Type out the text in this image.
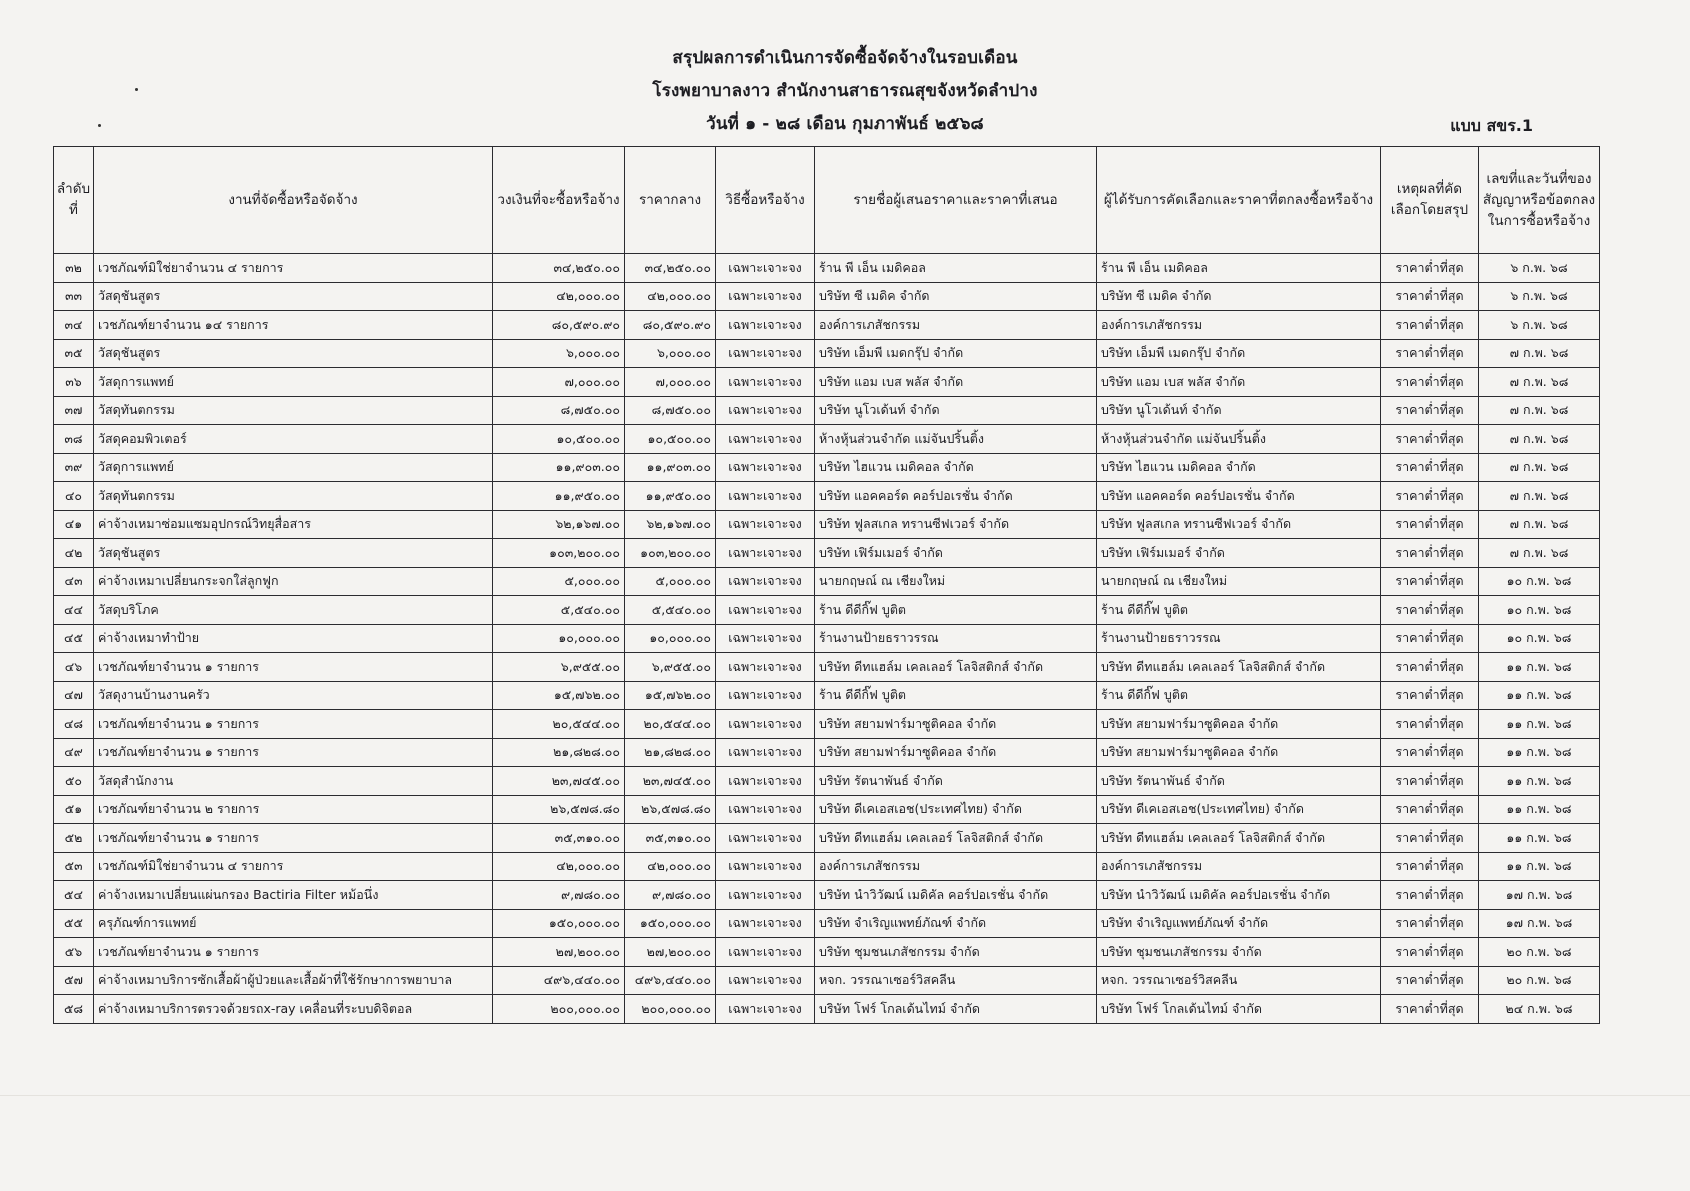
สรุปผลการดำเนินการจัดซื้อจัดจ้างในรอบเดือน
โรงพยาบาลงาว สำนักงานสาธารณสุขจังหวัดลำปาง
วันที่ ๑ - ๒๘ เดือน กุมภาพันธ์ ๒๕๖๘	แบบ สขร.1
ลำดับที่	งานที่จัดซื้อหรือจัดจ้าง	วงเงินที่จะซื้อหรือจ้าง	ราคากลาง	วิธีซื้อหรือจ้าง	รายชื่อผู้เสนอราคาและราคาที่เสนอ	ผู้ได้รับการคัดเลือกและราคาที่ตกลงซื้อหรือจ้าง	เหตุผลที่คัดเลือกโดยสรุป	เลขที่และวันที่ของสัญญาหรือข้อตกลงในการซื้อหรือจ้าง
๓๒	เวชภัณฑ์มิใช่ยาจำนวน ๔ รายการ	๓๔,๒๕๐.๐๐	๓๔,๒๕๐.๐๐	เฉพาะเจาะจง	ร้าน พี เอ็น เมดิคอล	ร้าน พี เอ็น เมดิคอล	ราคาต่ำที่สุด	๖ ก.พ. ๖๘
๓๓	วัสดุชันสูตร	๔๒,๐๐๐.๐๐	๔๒,๐๐๐.๐๐	เฉพาะเจาะจง	บริษัท ซี เมดิค จำกัด	บริษัท ซี เมดิค จำกัด	ราคาต่ำที่สุด	๖ ก.พ. ๖๘
๓๔	เวชภัณฑ์ยาจำนวน ๑๔ รายการ	๘๐,๕๙๐.๙๐	๘๐,๕๙๐.๙๐	เฉพาะเจาะจง	องค์การเภสัชกรรม	องค์การเภสัชกรรม	ราคาต่ำที่สุด	๖ ก.พ. ๖๘
๓๕	วัสดุชันสูตร	๖,๐๐๐.๐๐	๖,๐๐๐.๐๐	เฉพาะเจาะจง	บริษัท เอ็มพี เมดกรุ๊ป จำกัด	บริษัท เอ็มพี เมดกรุ๊ป จำกัด	ราคาต่ำที่สุด	๗ ก.พ. ๖๘
๓๖	วัสดุการแพทย์	๗,๐๐๐.๐๐	๗,๐๐๐.๐๐	เฉพาะเจาะจง	บริษัท แอม เบส พลัส จำกัด	บริษัท แอม เบส พลัส จำกัด	ราคาต่ำที่สุด	๗ ก.พ. ๖๘
๓๗	วัสดุทันตกรรม	๘,๗๕๐.๐๐	๘,๗๕๐.๐๐	เฉพาะเจาะจง	บริษัท นูโวเด้นท์ จำกัด	บริษัท นูโวเด้นท์ จำกัด	ราคาต่ำที่สุด	๗ ก.พ. ๖๘
๓๘	วัสดุคอมพิวเตอร์	๑๐,๕๐๐.๐๐	๑๐,๕๐๐.๐๐	เฉพาะเจาะจง	ห้างหุ้นส่วนจำกัด แม่จันปริ้นติ้ง	ห้างหุ้นส่วนจำกัด แม่จันปริ้นติ้ง	ราคาต่ำที่สุด	๗ ก.พ. ๖๘
๓๙	วัสดุการแพทย์	๑๑,๙๐๓.๐๐	๑๑,๙๐๓.๐๐	เฉพาะเจาะจง	บริษัท ไฮแวน เมดิคอล จำกัด	บริษัท ไฮแวน เมดิคอล จำกัด	ราคาต่ำที่สุด	๗ ก.พ. ๖๘
๔๐	วัสดุทันตกรรม	๑๑,๙๕๐.๐๐	๑๑,๙๕๐.๐๐	เฉพาะเจาะจง	บริษัท แอคคอร์ด คอร์ปอเรชั่น จำกัด	บริษัท แอคคอร์ด คอร์ปอเรชั่น จำกัด	ราคาต่ำที่สุด	๗ ก.พ. ๖๘
๔๑	ค่าจ้างเหมาซ่อมแซมอุปกรณ์วิทยุสื่อสาร	๖๒,๑๖๗.๐๐	๖๒,๑๖๗.๐๐	เฉพาะเจาะจง	บริษัท ฟูลสเกล ทรานซีฟเวอร์ จำกัด	บริษัท ฟูลสเกล ทรานซีฟเวอร์ จำกัด	ราคาต่ำที่สุด	๗ ก.พ. ๖๘
๔๒	วัสดุชันสูตร	๑๐๓,๒๐๐.๐๐	๑๐๓,๒๐๐.๐๐	เฉพาะเจาะจง	บริษัท เฟิร์มเมอร์ จำกัด	บริษัท เฟิร์มเมอร์ จำกัด	ราคาต่ำที่สุด	๗ ก.พ. ๖๘
๔๓	ค่าจ้างเหมาเปลี่ยนกระจกใส่ลูกฟูก	๕,๐๐๐.๐๐	๕,๐๐๐.๐๐	เฉพาะเจาะจง	นายกฤษณ์ ณ เชียงใหม่	นายกฤษณ์ ณ เชียงใหม่	ราคาต่ำที่สุด	๑๐ ก.พ. ๖๘
๔๔	วัสดุบริโภค	๕,๕๔๐.๐๐	๕,๕๔๐.๐๐	เฉพาะเจาะจง	ร้าน ดีดีกิ๊ฟ บูติต	ร้าน ดีดีกิ๊ฟ บูติต	ราคาต่ำที่สุด	๑๐ ก.พ. ๖๘
๔๕	ค่าจ้างเหมาทำป้าย	๑๐,๐๐๐.๐๐	๑๐,๐๐๐.๐๐	เฉพาะเจาะจง	ร้านงานป้ายธราวรรณ	ร้านงานป้ายธราวรรณ	ราคาต่ำที่สุด	๑๐ ก.พ. ๖๘
๔๖	เวชภัณฑ์ยาจำนวน ๑ รายการ	๖,๙๕๕.๐๐	๖,๙๕๕.๐๐	เฉพาะเจาะจง	บริษัท ดีทแฮล์ม เคลเลอร์ โลจิสติกส์ จำกัด	บริษัท ดีทแฮล์ม เคลเลอร์ โลจิสติกส์ จำกัด	ราคาต่ำที่สุด	๑๑ ก.พ. ๖๘
๔๗	วัสดุงานบ้านงานครัว	๑๕,๗๖๒.๐๐	๑๕,๗๖๒.๐๐	เฉพาะเจาะจง	ร้าน ดีดีกิ๊ฟ บูติต	ร้าน ดีดีกิ๊ฟ บูติต	ราคาต่ำที่สุด	๑๑ ก.พ. ๖๘
๔๘	เวชภัณฑ์ยาจำนวน ๑ รายการ	๒๐,๕๔๔.๐๐	๒๐,๕๔๔.๐๐	เฉพาะเจาะจง	บริษัท สยามฟาร์มาซูติคอล จำกัด	บริษัท สยามฟาร์มาซูติคอล จำกัด	ราคาต่ำที่สุด	๑๑ ก.พ. ๖๘
๔๙	เวชภัณฑ์ยาจำนวน ๑ รายการ	๒๑,๘๒๘.๐๐	๒๑,๘๒๘.๐๐	เฉพาะเจาะจง	บริษัท สยามฟาร์มาซูติคอล จำกัด	บริษัท สยามฟาร์มาซูติคอล จำกัด	ราคาต่ำที่สุด	๑๑ ก.พ. ๖๘
๕๐	วัสดุสำนักงาน	๒๓,๗๔๕.๐๐	๒๓,๗๔๕.๐๐	เฉพาะเจาะจง	บริษัท รัตนาพันธ์ จำกัด	บริษัท รัตนาพันธ์ จำกัด	ราคาต่ำที่สุด	๑๑ ก.พ. ๖๘
๕๑	เวชภัณฑ์ยาจำนวน ๒ รายการ	๒๖,๕๗๘.๘๐	๒๖,๕๗๘.๘๐	เฉพาะเจาะจง	บริษัท ดีเคเอสเอช(ประเทศไทย) จำกัด	บริษัท ดีเคเอสเอช(ประเทศไทย) จำกัด	ราคาต่ำที่สุด	๑๑ ก.พ. ๖๘
๕๒	เวชภัณฑ์ยาจำนวน ๑ รายการ	๓๕,๓๑๐.๐๐	๓๕,๓๑๐.๐๐	เฉพาะเจาะจง	บริษัท ดีทแฮล์ม เคลเลอร์ โลจิสติกส์ จำกัด	บริษัท ดีทแฮล์ม เคลเลอร์ โลจิสติกส์ จำกัด	ราคาต่ำที่สุด	๑๑ ก.พ. ๖๘
๕๓	เวชภัณฑ์มิใช่ยาจำนวน ๔ รายการ	๔๒,๐๐๐.๐๐	๔๒,๐๐๐.๐๐	เฉพาะเจาะจง	องค์การเภสัชกรรม	องค์การเภสัชกรรม	ราคาต่ำที่สุด	๑๑ ก.พ. ๖๘
๕๔	ค่าจ้างเหมาเปลี่ยนแผ่นกรอง Bactiria Filter หม้อนึ่ง	๙,๗๘๐.๐๐	๙,๗๘๐.๐๐	เฉพาะเจาะจง	บริษัท นำวิวัฒน์ เมดิคัล คอร์ปอเรชั่น จำกัด	บริษัท นำวิวัฒน์ เมดิคัล คอร์ปอเรชั่น จำกัด	ราคาต่ำที่สุด	๑๗ ก.พ. ๖๘
๕๕	ครุภัณฑ์การแพทย์	๑๕๐,๐๐๐.๐๐	๑๕๐,๐๐๐.๐๐	เฉพาะเจาะจง	บริษัท จำเริญแพทย์ภัณฑ์ จำกัด	บริษัท จำเริญแพทย์ภัณฑ์ จำกัด	ราคาต่ำที่สุด	๑๗ ก.พ. ๖๘
๕๖	เวชภัณฑ์ยาจำนวน ๑ รายการ	๒๗,๒๐๐.๐๐	๒๗,๒๐๐.๐๐	เฉพาะเจาะจง	บริษัท ชุมชนเภสัชกรรม จำกัด	บริษัท ชุมชนเภสัชกรรม จำกัด	ราคาต่ำที่สุด	๒๐ ก.พ. ๖๘
๕๗	ค่าจ้างเหมาบริการซักเสื้อผ้าผู้ป่วยและเสื้อผ้าที่ใช้รักษาการพยาบาล	๔๙๖,๔๔๐.๐๐	๔๙๖,๔๔๐.๐๐	เฉพาะเจาะจง	หจก. วรรณาเซอร์วิสคลีน	หจก. วรรณาเซอร์วิสคลีน	ราคาต่ำที่สุด	๒๐ ก.พ. ๖๘
๕๘	ค่าจ้างเหมาบริการตรวจด้วยรถx-ray เคลื่อนที่ระบบดิจิตอล	๒๐๐,๐๐๐.๐๐	๒๐๐,๐๐๐.๐๐	เฉพาะเจาะจง	บริษัท โฟร์ โกลเด้นไทม์ จำกัด	บริษัท โฟร์ โกลเด้นไทม์ จำกัด	ราคาต่ำที่สุด	๒๔ ก.พ. ๖๘
